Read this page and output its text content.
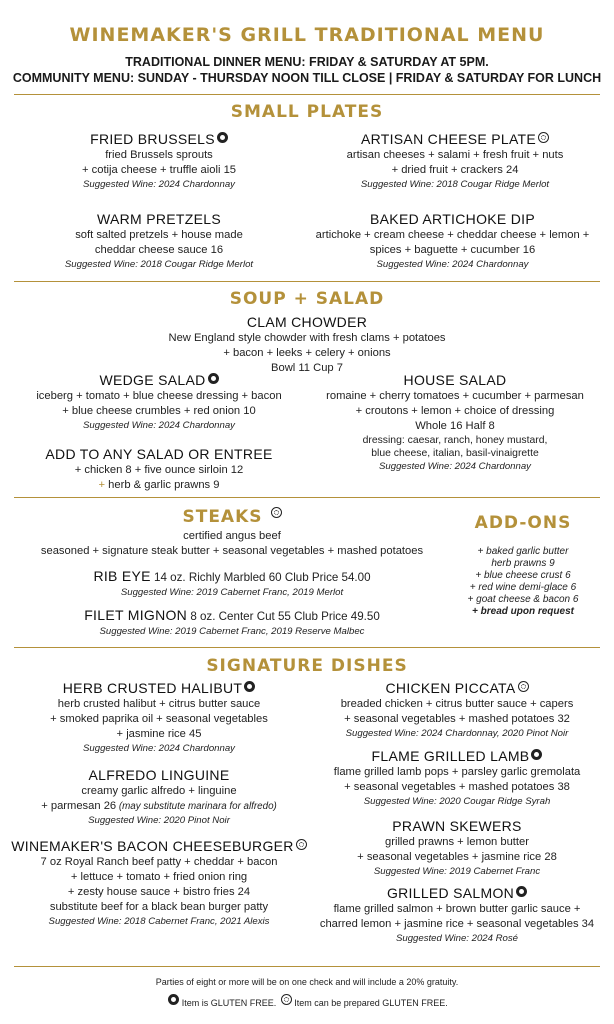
WINEMAKER'S GRILL TRADITIONAL MENU
TRADITIONAL DINNER MENU: FRIDAY & SATURDAY AT 5PM.
COMMUNITY MENU: SUNDAY - THURSDAY NOON TILL CLOSE | FRIDAY & SATURDAY FOR LUNCH
SMALL PLATES
FRIED BRUSSELS
fried Brussels sprouts
+ cotija cheese + truffle aioli 15
Suggested Wine: 2024 Chardonnay
ARTISAN CHEESE PLATE
artisan cheeses + salami + fresh fruit + nuts
+ dried fruit + crackers 24
Suggested Wine: 2018 Cougar Ridge Merlot
WARM PRETZELS
soft salted pretzels + house made
cheddar cheese sauce 16
Suggested Wine: 2018 Cougar Ridge Merlot
BAKED ARTICHOKE DIP
artichoke + cream cheese + cheddar cheese + lemon +
spices + baguette + cucumber 16
Suggested Wine: 2024 Chardonnay
SOUP + SALAD
CLAM CHOWDER
New England style chowder with fresh clams + potatoes
+ bacon + leeks + celery + onions
Bowl 11 Cup 7
WEDGE SALAD
iceberg + tomato + blue cheese dressing + bacon
+ blue cheese crumbles + red onion 10
Suggested Wine: 2024 Chardonnay
HOUSE SALAD
romaine + cherry tomatoes + cucumber + parmesan
+ croutons + lemon + choice of dressing
Whole 16 Half 8
dressing: caesar, ranch, honey mustard,
blue cheese, italian, basil-vinaigrette
Suggested Wine: 2024 Chardonnay
ADD TO ANY SALAD OR ENTREE
+ chicken 8 + five ounce sirloin 12
+ herb & garlic prawns 9
STEAKS
certified angus beef
seasoned + signature steak butter + seasonal vegetables + mashed potatoes
RIB EYE 14 oz. Richly Marbled 60 Club Price 54.00
Suggested Wine: 2019 Cabernet Franc, 2019 Merlot
FILET MIGNON 8 oz. Center Cut 55 Club Price 49.50
Suggested Wine: 2019 Cabernet Franc, 2019 Reserve Malbec
ADD-ONS
+ baked garlic butter
herb prawns 9
+ blue cheese crust 6
+ red wine demi-glace 6
+ goat cheese & bacon 6
+ bread upon request
SIGNATURE DISHES
HERB CRUSTED HALIBUT
herb crusted halibut + citrus butter sauce
+ smoked paprika oil + seasonal vegetables
+ jasmine rice 45
Suggested Wine: 2024 Chardonnay
ALFREDO LINGUINE
creamy garlic alfredo + linguine
+ parmesan 26 (may substitute marinara for alfredo)
Suggested Wine: 2020 Pinot Noir
WINEMAKER'S BACON CHEESEBURGER
7 oz Royal Ranch beef patty + cheddar + bacon
+ lettuce + tomato + fried onion ring
+ zesty house sauce + bistro fries 24
substitute beef for a black bean burger patty
Suggested Wine: 2018 Cabernet Franc, 2021 Alexis
CHICKEN PICCATA
breaded chicken + citrus butter sauce + capers
+ seasonal vegetables + mashed potatoes 32
Suggested Wine: 2024 Chardonnay, 2020 Pinot Noir
FLAME GRILLED LAMB
flame grilled lamb pops + parsley garlic gremolata
+ seasonal vegetables + mashed potatoes 38
Suggested Wine: 2020 Cougar Ridge Syrah
PRAWN SKEWERS
grilled prawns + lemon butter
+ seasonal vegetables + jasmine rice 28
Suggested Wine: 2019 Cabernet Franc
GRILLED SALMON
flame grilled salmon + brown butter garlic sauce +
charred lemon + jasmine rice + seasonal vegetables 34
Suggested Wine: 2024 Rosé
Parties of eight or more will be on one check and will include a 20% gratuity.
Item is GLUTEN FREE. Item can be prepared GLUTEN FREE.
